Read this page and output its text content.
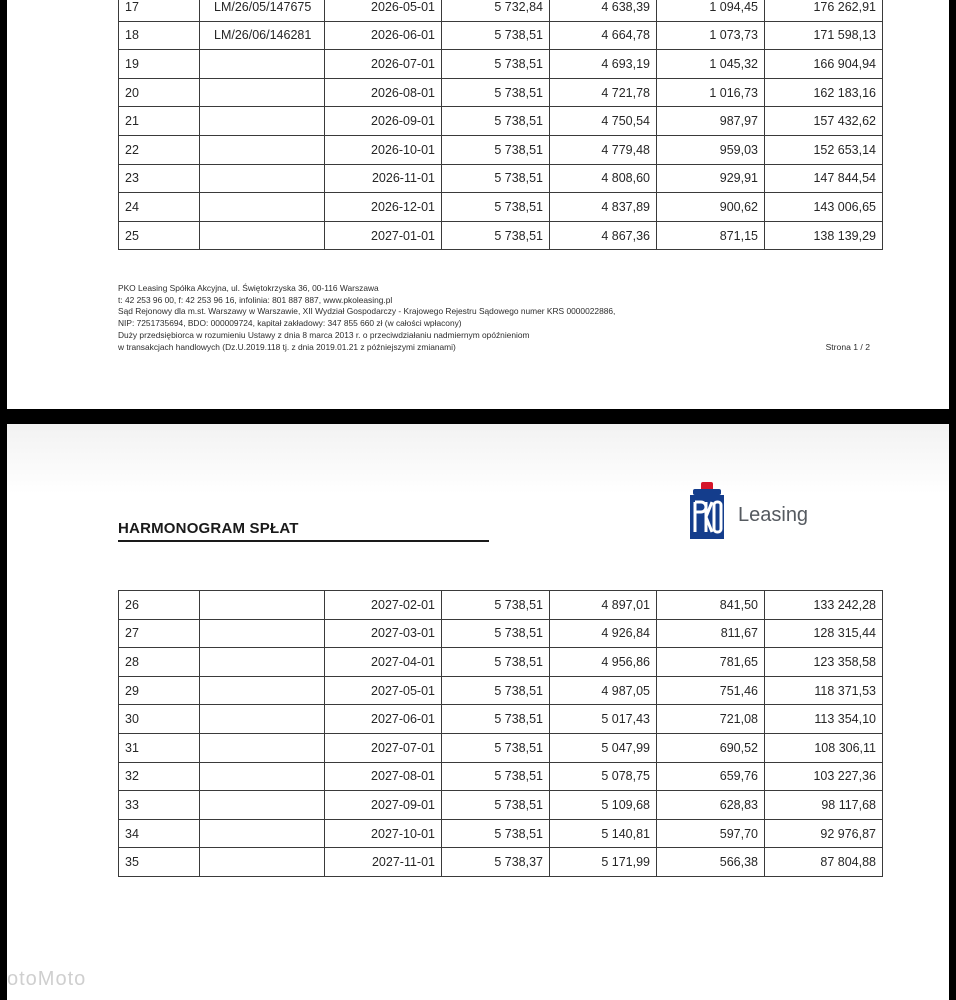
17	LM/26/05/147675	2026-05-01	5 732,84	4 638,39	1 094,45	176 262,91
18	LM/26/06/146281	2026-06-01	5 738,51	4 664,78	1 073,73	171 598,13
19		2026-07-01	5 738,51	4 693,19	1 045,32	166 904,94
20		2026-08-01	5 738,51	4 721,78	1 016,73	162 183,16
21		2026-09-01	5 738,51	4 750,54	987,97	157 432,62
22		2026-10-01	5 738,51	4 779,48	959,03	152 653,14
23		2026-11-01	5 738,51	4 808,60	929,91	147 844,54
24		2026-12-01	5 738,51	4 837,89	900,62	143 006,65
25		2027-01-01	5 738,51	4 867,36	871,15	138 139,29
PKO Leasing Spółka Akcyjna, ul. Świętokrzyska 36, 00-116 Warszawa
t: 42 253 96 00, f: 42 253 96 16, infolinia: 801 887 887, www.pkoleasing.pl
Sąd Rejonowy dla m.st. Warszawy w Warszawie, XII Wydział Gospodarczy - Krajowego Rejestru Sądowego numer KRS 0000022886,
NIP: 7251735694, BDO: 000009724, kapitał zakładowy: 347 855 660 zł (w całości wpłacony)
Duży przedsiębiorca w rozumieniu Ustawy z dnia 8 marca 2013 r. o przeciwdziałaniu nadmiernym opóźnieniom
w transakcjach handlowych (Dz.U.2019.118 tj. z dnia 2019.01.21 z późniejszymi zmianami)	Strona 1 / 2
Leasing
HARMONOGRAM SPŁAT
26		2027-02-01	5 738,51	4 897,01	841,50	133 242,28
27		2027-03-01	5 738,51	4 926,84	811,67	128 315,44
28		2027-04-01	5 738,51	4 956,86	781,65	123 358,58
29		2027-05-01	5 738,51	4 987,05	751,46	118 371,53
30		2027-06-01	5 738,51	5 017,43	721,08	113 354,10
31		2027-07-01	5 738,51	5 047,99	690,52	108 306,11
32		2027-08-01	5 738,51	5 078,75	659,76	103 227,36
33		2027-09-01	5 738,51	5 109,68	628,83	98 117,68
34		2027-10-01	5 738,51	5 140,81	597,70	92 976,87
35		2027-11-01	5 738,37	5 171,99	566,38	87 804,88
otoMoto
